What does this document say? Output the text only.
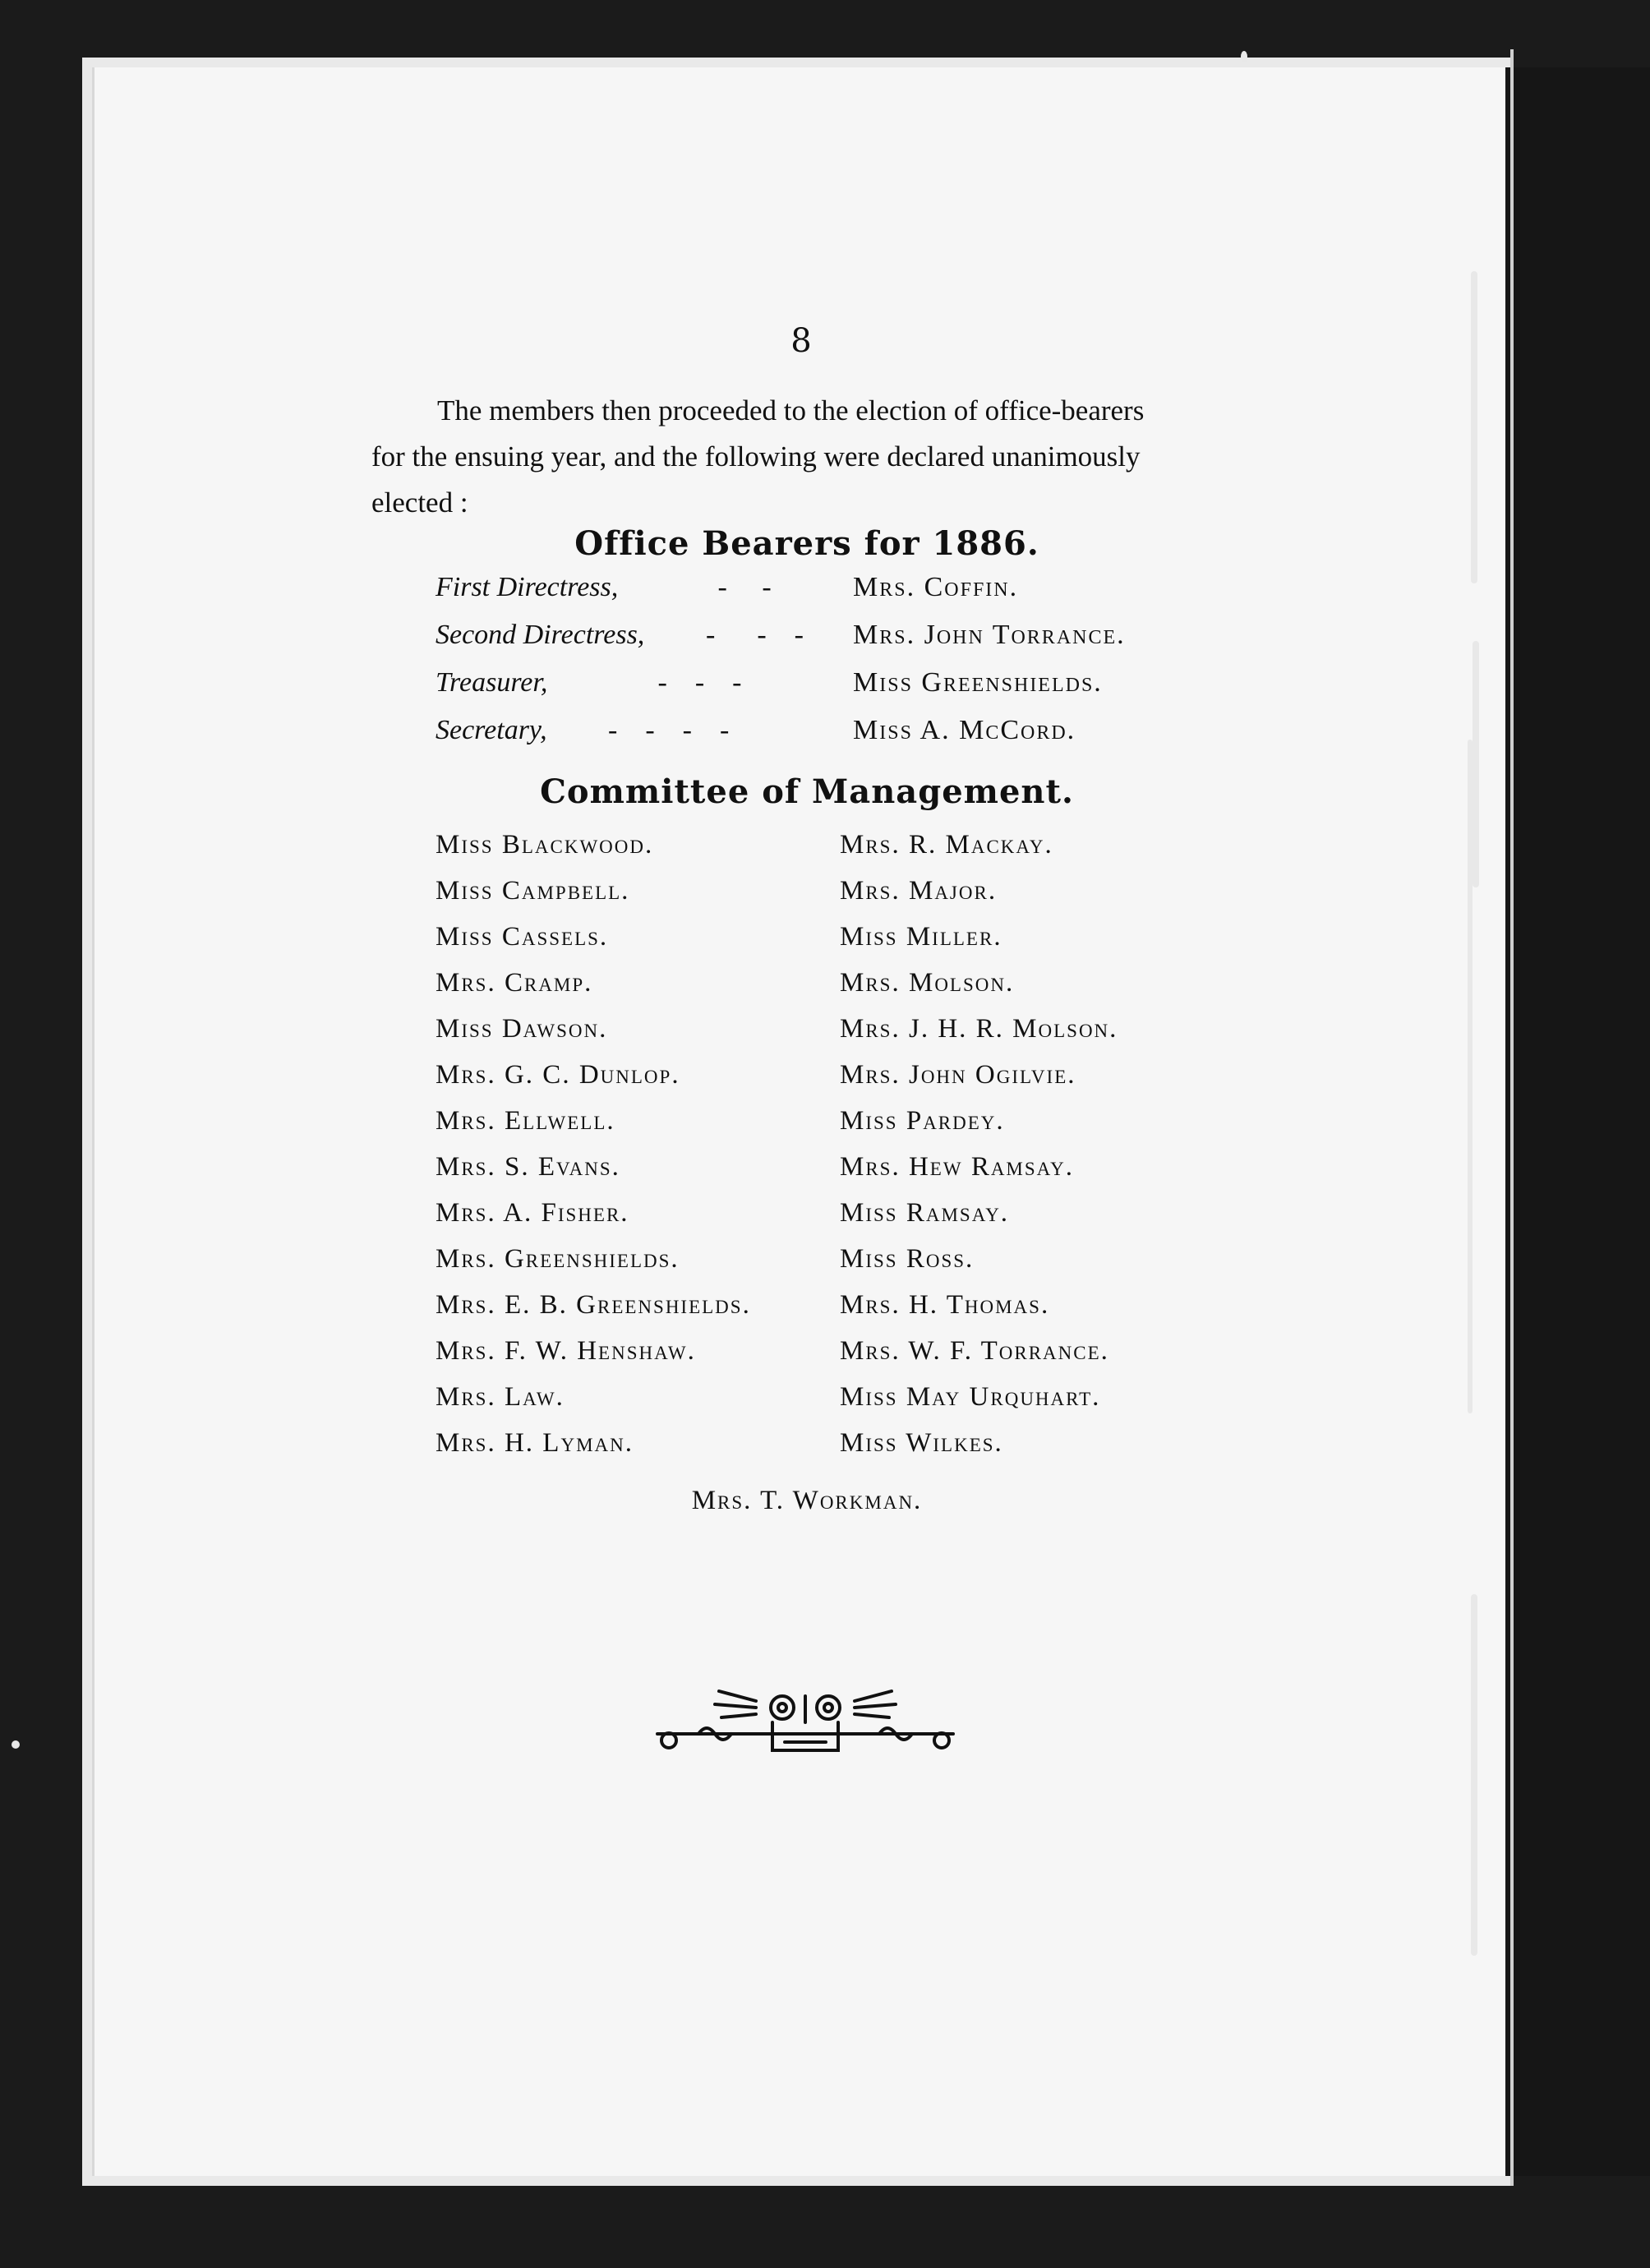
8
The members then proceeded to the election of office-bearers
for the ensuing year, and the following were declared unanimously
elected :
Office Bearers for 1886.
First Directress,	-     -	Mrs. Coffin.
Second Directress, -      -    -	Mrs. John Torrance.
Treasurer,	-    -    -	Miss Greenshields.
Secretary, -    -    -    -	Miss A. McCord.
Committee of Management.
Miss Blackwood.	Mrs. R. Mackay.
Miss Campbell.	Mrs. Major.
Miss Cassels.	Miss Miller.
Mrs. Cramp.	Mrs. Molson.
Miss Dawson.	Mrs. J. H. R. Molson.
Mrs. G. C. Dunlop.	Mrs. John Ogilvie.
Mrs. Ellwell.	Miss Pardey.
Mrs. S. Evans.	Mrs. Hew Ramsay.
Mrs. A. Fisher.	Miss Ramsay.
Mrs. Greenshields.	Miss Ross.
Mrs. E. B. Greenshields.	Mrs. H. Thomas.
Mrs. F. W. Henshaw.	Mrs. W. F. Torrance.
Mrs. Law.	Miss May Urquhart.
Mrs. H. Lyman.	Miss Wilkes.
Mrs. T. Workman.
